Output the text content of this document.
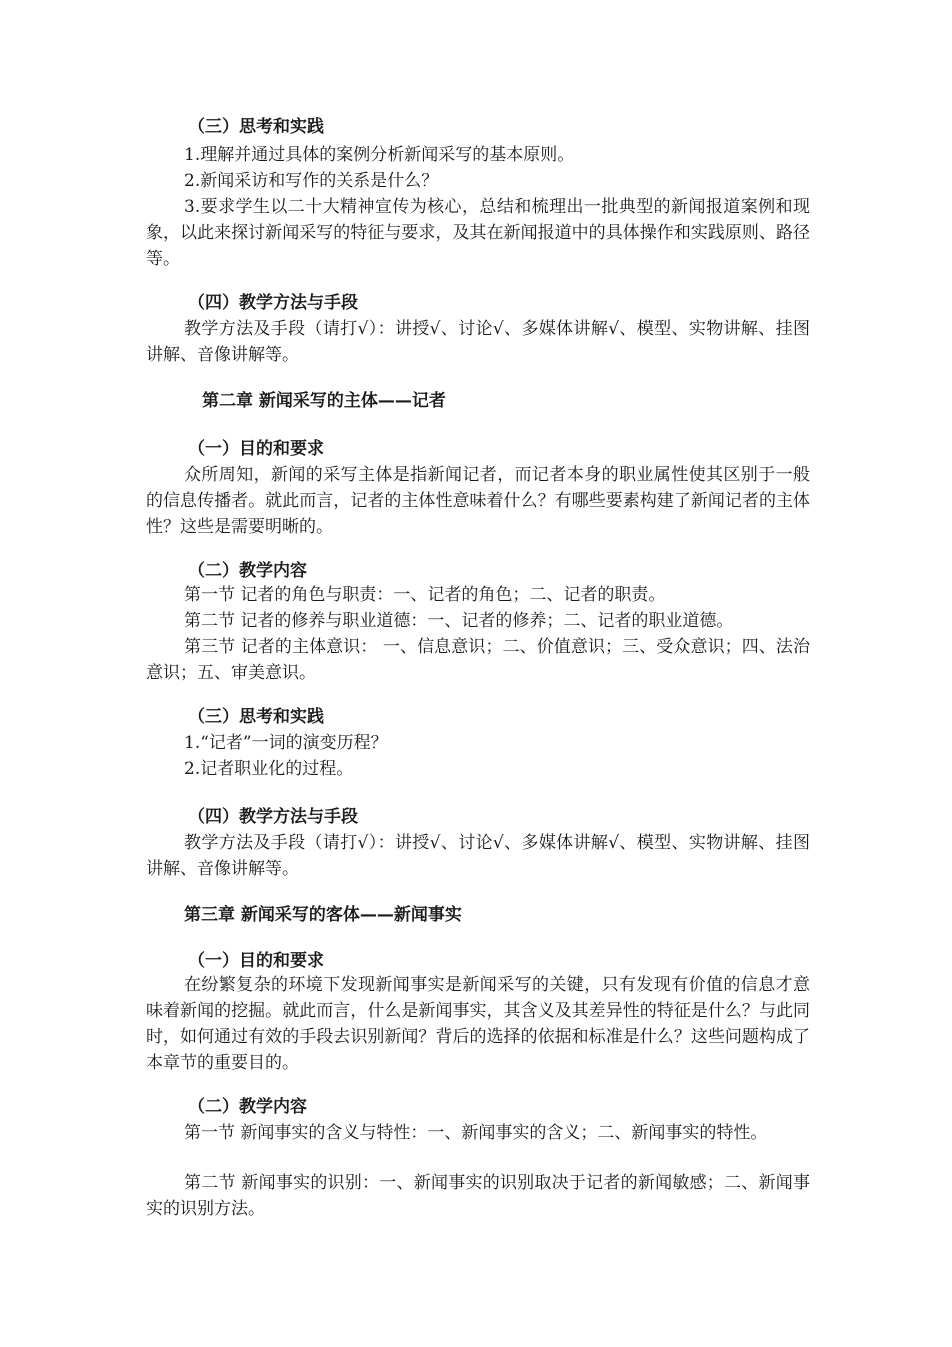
（三）思考和实践
1.理解并通过具体的案例分析新闻采写的基本原则。
2.新闻采访和写作的关系是什么？
3.要求学生以二十大精神宣传为核心，总结和梳理出一批典型的新闻报道案例和现象，以此来探讨新闻采写的特征与要求，及其在新闻报道中的具体操作和实践原则、路径等。
（四）教学方法与手段
教学方法及手段（请打√）：讲授√、讨论√、多媒体讲解√、模型、实物讲解、挂图讲解、音像讲解等。
第二章 新闻采写的主体——记者
（一）目的和要求
众所周知，新闻的采写主体是指新闻记者，而记者本身的职业属性使其区别于一般的信息传播者。就此而言，记者的主体性意味着什么？有哪些要素构建了新闻记者的主体性？这些是需要明晰的。
（二）教学内容
第一节 记者的角色与职责：一、记者的角色；二、记者的职责。
第二节 记者的修养与职业道德：一、记者的修养；二、记者的职业道德。
第三节 记者的主体意识： 一、信息意识；二、价值意识；三、受众意识；四、法治意识；五、审美意识。
（三）思考和实践
1.“记者”一词的演变历程？
2.记者职业化的过程。
（四）教学方法与手段
教学方法及手段（请打√）：讲授√、讨论√、多媒体讲解√、模型、实物讲解、挂图讲解、音像讲解等。
第三章 新闻采写的客体——新闻事实
（一）目的和要求
在纷繁复杂的环境下发现新闻事实是新闻采写的关键，只有发现有价值的信息才意味着新闻的挖掘。就此而言，什么是新闻事实，其含义及其差异性的特征是什么？与此同时，如何通过有效的手段去识别新闻？背后的选择的依据和标准是什么？这些问题构成了本章节的重要目的。
（二）教学内容
第一节 新闻事实的含义与特性：一、新闻事实的含义；二、新闻事实的特性。
第二节 新闻事实的识别：一、新闻事实的识别取决于记者的新闻敏感；二、新闻事实的识别方法。
